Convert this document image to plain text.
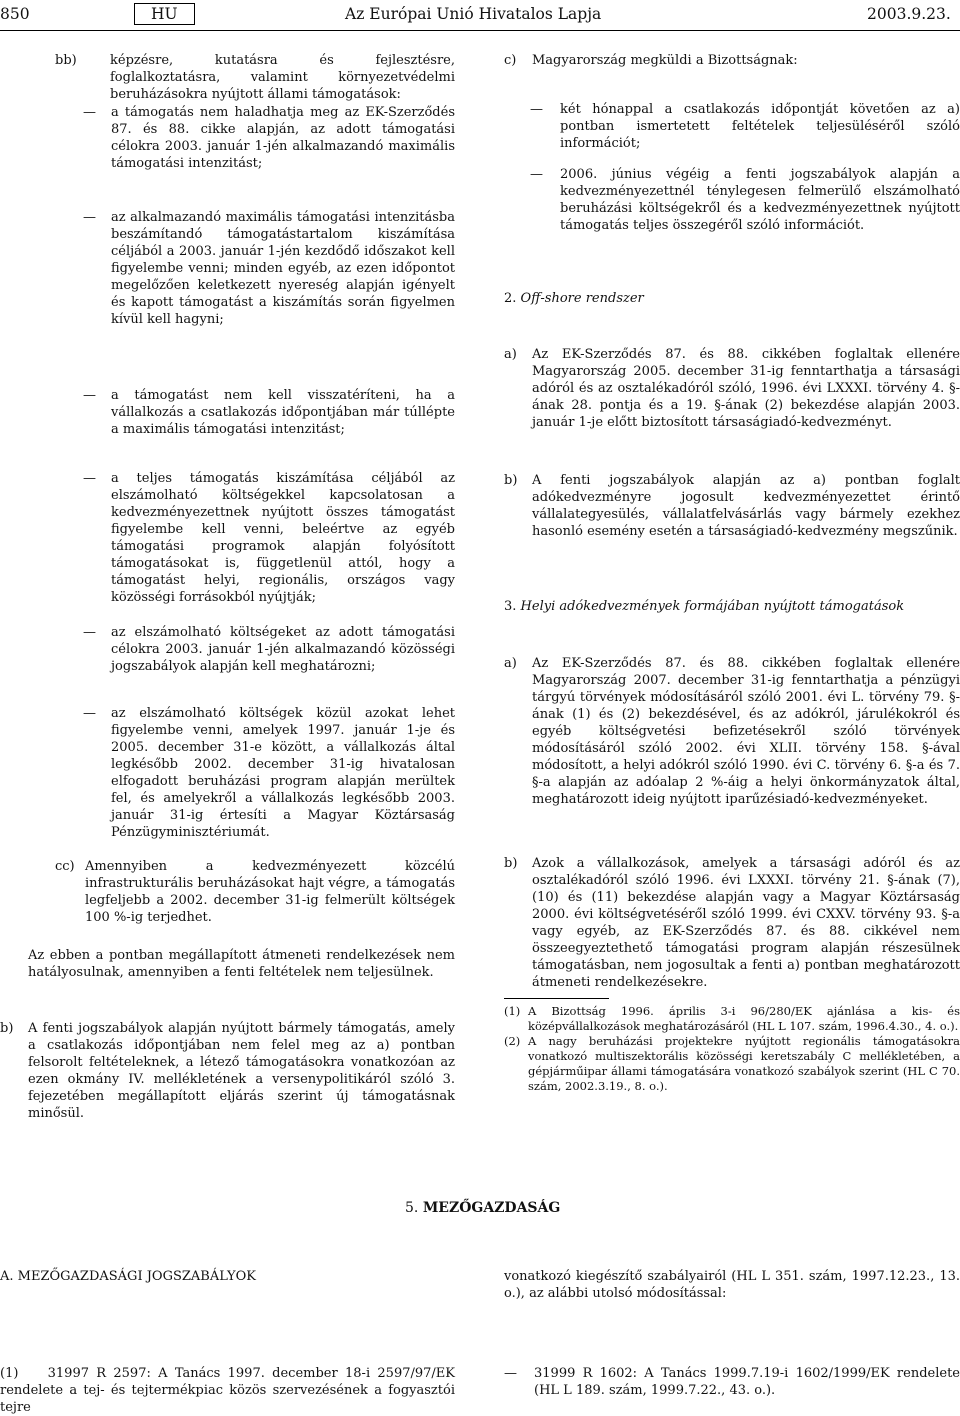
850	HU	Az Európai Unió Hivatalos Lapja	2003.9.23.
bb)	képzésre, kutatásra és fejlesztésre, foglalkoztatásra, valamint környezetvédelmi beruházásokra nyújtott állami támogatások:
— a támogatás nem haladhatja meg az EK-Szerződés 87. és 88. cikke alapján, az adott támogatási célokra 2003. január 1-jén alkalmazandó maximális támogatási intenzitást;
— az alkalmazandó maximális támogatási intenzitásba beszámítandó támogatástartalom kiszámítása céljából a 2003. január 1-jén kezdődő időszakot kell figyelembe venni; minden egyéb, az ezen időpontot megelőzően keletkezett nyereség alapján igényelt és kapott támogatást a kiszámítás során figyelmen kívül kell hagyni;
— a támogatást nem kell visszatéríteni, ha a vállalkozás a csatlakozás időpontjában már túllépte a maximális támogatási intenzitást;
— a teljes támogatás kiszámítása céljából az elszámolható költségekkel kapcsolatosan a kedvezményezettnek nyújtott összes támogatást figyelembe kell venni, beleértve az egyéb támogatási programok alapján folyósított támogatásokat is, függetlenül attól, hogy a támogatást helyi, regionális, országos vagy közösségi forrásokból nyújtják;
— az elszámolható költségeket az adott támogatási célokra 2003. január 1-jén alkalmazandó közösségi jogszabályok alapján kell meghatározni;
— az elszámolható költségek közül azokat lehet figyelembe venni, amelyek 1997. január 1-je és 2005. december 31-e között, a vállalkozás által legkésőbb 2002. december 31-ig hivatalosan elfogadott beruházási program alapján merültek fel, és amelyekről a vállalkozás legkésőbb 2003. január 31-ig értesíti a Magyar Köztársaság Pénzügyminisztériumát.
cc) Amennyiben a kedvezményezett közcélú infrastrukturális beruházásokat hajt végre, a támogatás legfeljebb a 2002. december 31-ig felmerült költségek 100 %-ig terjedhet.
Az ebben a pontban megállapított átmeneti rendelkezések nem hatályosulnak, amennyiben a fenti feltételek nem teljesülnek.
b) A fenti jogszabályok alapján nyújtott bármely támogatás, amely a csatlakozás időpontjában nem felel meg az a) pontban felsorolt feltételeknek, a létező támogatásokra vonatkozóan az ezen okmány IV. mellékletének a versenypolitikáról szóló 3. fejezetében megállapított eljárás szerint új támogatásnak minősül.
c) Magyarország megküldi a Bizottságnak:
— két hónappal a csatlakozás időpontját követően az a) pontban ismertetett feltételek teljesüléséről szóló információt;
— 2006. június végéig a fenti jogszabályok alapján a kedvezményezettnél ténylegesen felmerülő elszámolható beruházási költségekről és a kedvezményezettnek nyújtott támogatás teljes összegéről szóló információt.
2. Off-shore rendszer
a) Az EK-Szerződés 87. és 88. cikkében foglaltak ellenére Magyarország 2005. december 31-ig fenntarthatja a társasági adóról és az osztalékadóról szóló, 1996. évi LXXXI. törvény 4. §-ának 28. pontja és a 19. §-ának (2) bekezdése alapján 2003. január 1-je előtt biztosított társaságiadó-kedvezményt.
b) A fenti jogszabályok alapján az a) pontban foglalt adókedvezményre jogosult kedvezményezettet érintő vállalategyesülés, vállalatfelvásárlás vagy bármely ezekhez hasonló esemény esetén a társaságiadó-kedvezmény megszűnik.
3. Helyi adókedvezmények formájában nyújtott támogatások
a) Az EK-Szerződés 87. és 88. cikkében foglaltak ellenére Magyarország 2007. december 31-ig fenntarthatja a pénzügyi tárgyú törvények módosításáról szóló 2001. évi L. törvény 79. §-ának (1) és (2) bekezdésével, és az adókról, járulékokról és egyéb költségvetési befizetésekről szóló törvények módosításáról szóló 2002. évi XLII. törvény 158. §-ával módosított, a helyi adókról szóló 1990. évi C. törvény 6. §-a és 7. §-a alapján az adóalap 2 %-áig a helyi önkormányzatok által, meghatározott ideig nyújtott iparűzésiadó-kedvezményeket.
b) Azok a vállalkozások, amelyek a társasági adóról és az osztalékadóról szóló 1996. évi LXXXI. törvény 21. §-ának (7), (10) és (11) bekezdése alapján vagy a Magyar Köztársaság 2000. évi költségvetéséről szóló 1999. évi CXXV. törvény 93. §-a vagy egyéb, az EK-Szerződés 87. és 88. cikkével nem összeegyeztethető támogatási program alapján részesülnek támogatásban, nem jogosultak a fenti a) pontban meghatározott átmeneti rendelkezésekre.
(1) A Bizottság 1996. április 3-i 96/280/EK ajánlása a kis- és középvállalkozások meghatározásáról (HL L 107. szám, 1996.4.30., 4. o.).
(2) A nagy beruházási projektekre nyújtott regionális támogatásokra vonatkozó multiszektorális közösségi keretszabály C mellékletében, a gépjárműipar állami támogatására vonatkozó szabályok szerint (HL C 70. szám, 2002.3.19., 8. o.).
5. MEZŐGAZDASÁG
A. MEZŐGAZDASÁGI JOGSZABÁLYOK	vonatkozó kiegészítő szabályairól (HL L 351. szám, 1997.12.23., 13. o.), az alábbi utolsó módosítással:
(1)    31997 R 2597: A Tanács 1997. december 18-i 2597/97/EK rendelete a tej- és tejtermékpiac közös szervezésének a fogyasztói tejre
— 31999 R 1602: A Tanács 1999.7.19-i 1602/1999/EK rendelete (HL L 189. szám, 1999.7.22., 43. o.).
